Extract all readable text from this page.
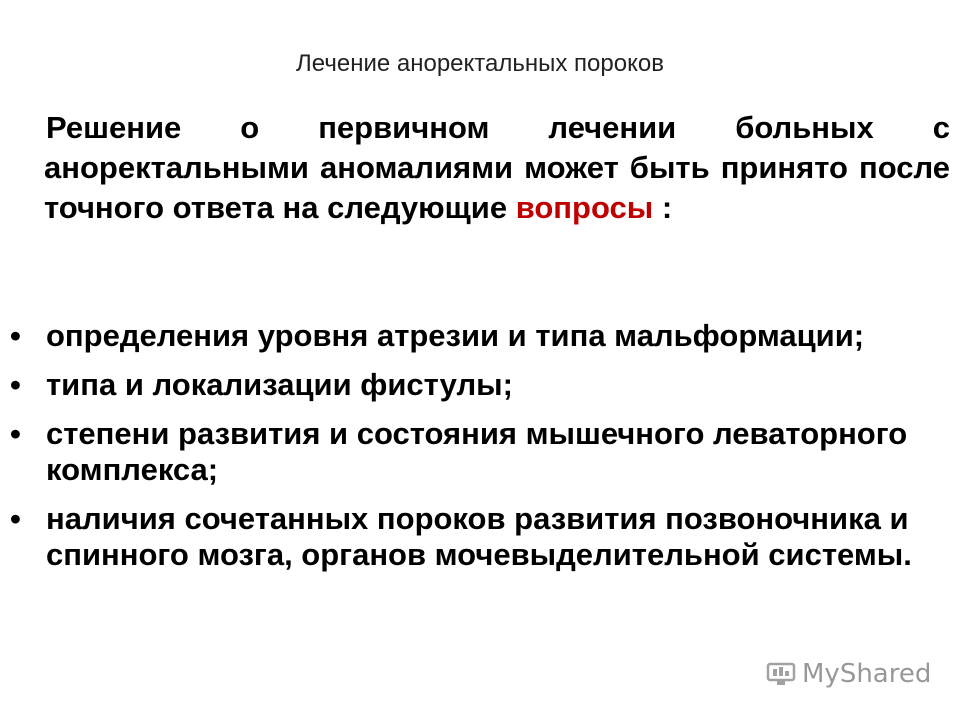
Лечение аноректальных пороков
Решение о первичном лечении больных с аноректальными аномалиями может быть принято после точного ответа на следующие вопросы :
• определения уровня атрезии и типа мальформации;
• типа и локализации фистулы;
• степени развития и состояния мышечного леваторного комплекса;
• наличия сочетанных пороков развития позвоночника и спинного мозга, органов мочевыделительной системы.
MyShared
